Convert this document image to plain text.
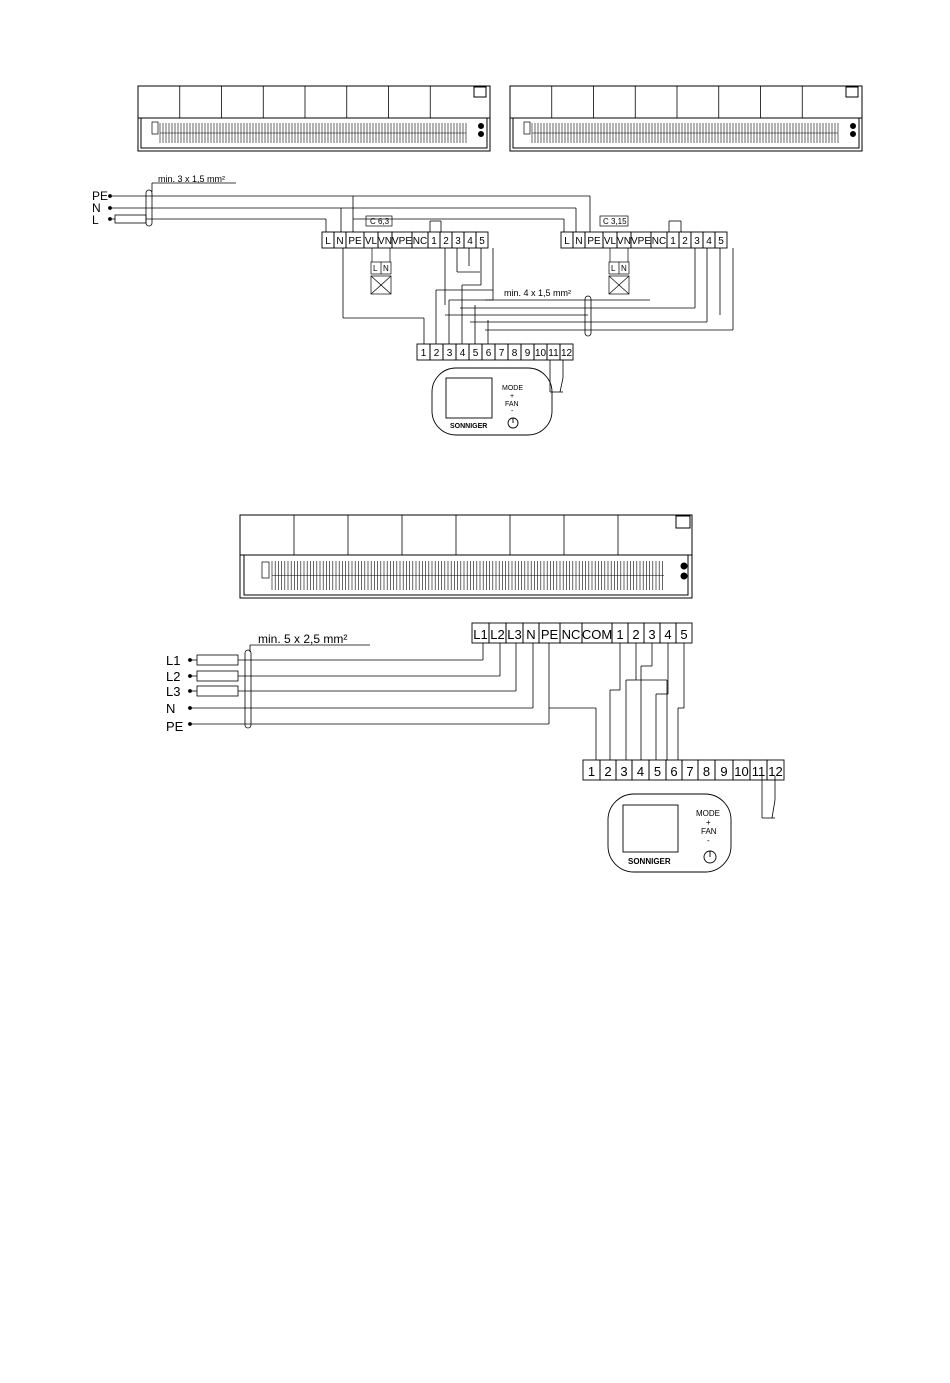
PE
N
L
min. 3 x 1,5 mm²
L N PE VL VN VPE NC 1 2 3 4 5
C 6,3
L N PE VL VN VPE NC 1 2 3 4 5
C 3,15
L N	L N
min. 4 x 1,5 mm²
1 2 3 4 5 6 7 8 9 10 11 12
MODE
+
FAN
-
SONNIGER
min. 5 x 2,5 mm²
L1
L2
L3
N
PE
L1 L2 L3 N PE NC COM 1 2 3 4 5
1 2 3 4 5 6 7 8 9 10 11 12
MODE
+
FAN
-
SONNIGER
